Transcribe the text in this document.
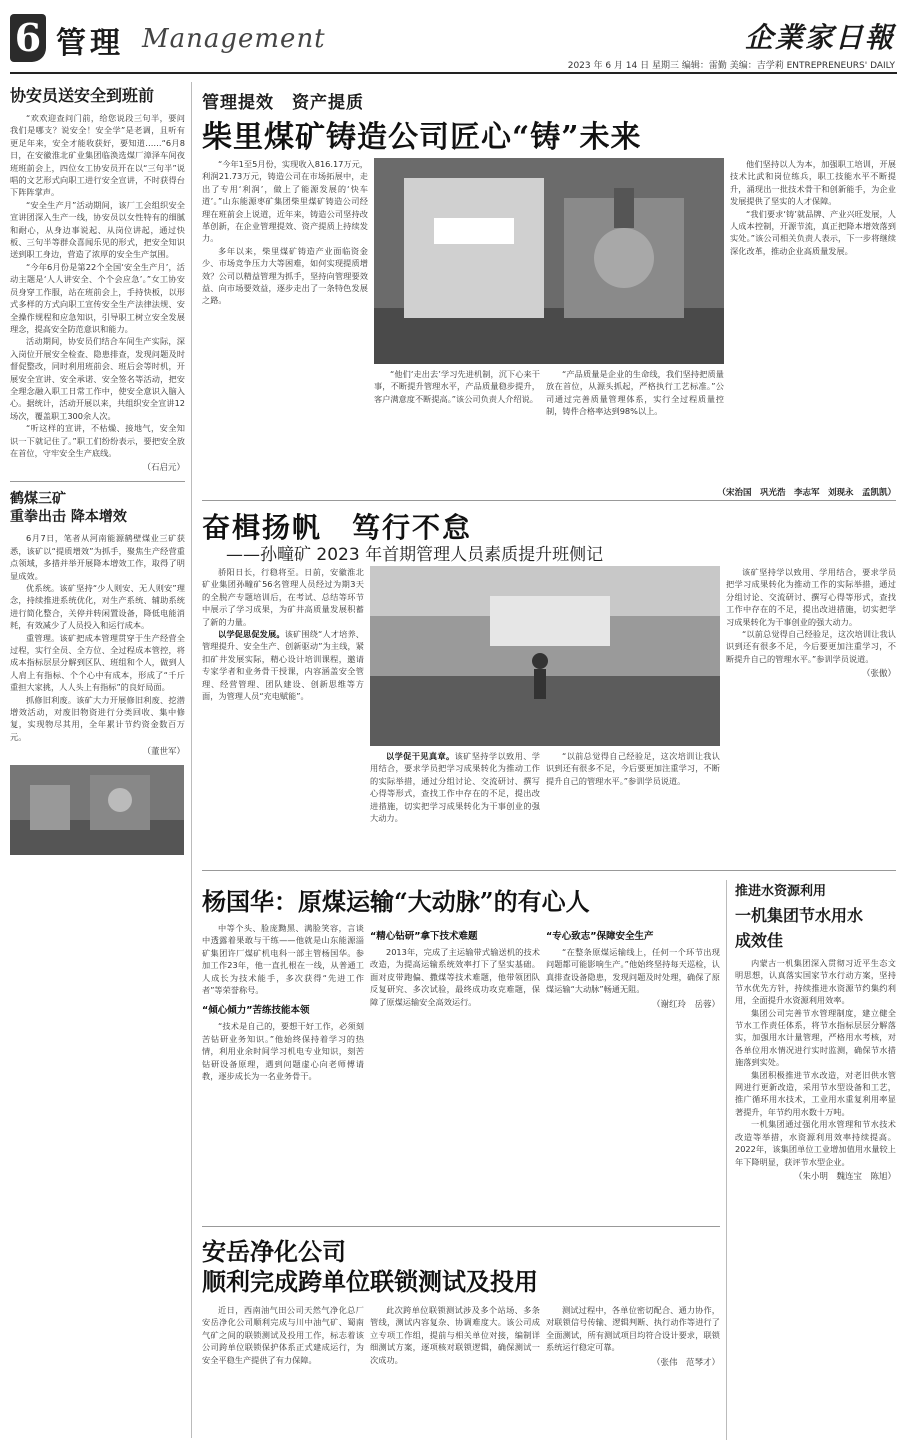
6 管理 Management	企業家日報
2023 年 6 月 14 日 星期三 编辑：雷勤 美编：吉学莉 ENTREPRENEURS' DAILY
协安员送安全到班前

“欢欢迎查问门前，给您说段三句半，要问我们是哪支？说安全！安全学”是老调，且听有更足年来，安全才能收获好，要知道……“6月8日，在安徽淮北矿业集团临涣选煤厂漳泽车间夜班班前会上，四位女工协安员开在以“三句半”说唱的文艺形式向职工进行安全宣讲，不时获得台下阵阵掌声。

“安全生产月”活动期间，该厂工会组织安全宣讲团深入生产一线，协安员以女性特有的细腻和耐心，从身边事说起、从岗位讲起，通过快板、三句半等群众喜闻乐见的形式，把安全知识送到职工身边，营造了浓厚的安全生产氛围。

“今年6月份是第22个全国‘安全生产月’，活动主题是‘人人讲安全、个个会应急’。”女工协安员身穿工作服，站在班前会上，手持快板，以形式多样的方式向职工宣传安全生产法律法规、安全操作规程和应急知识，引导职工树立安全发展理念，提高安全防范意识和能力。

活动期间，协安员们结合车间生产实际，深入岗位开展安全检查、隐患排查，发现问题及时督促整改，同时利用班前会、班后会等时机，开展安全宣讲、安全承诺、安全签名等活动，把安全理念融入职工日常工作中，使安全意识入脑入心。据统计，活动开展以来，共组织安全宣讲12场次，覆盖职工300余人次。

“听这样的宣讲，不枯燥、接地气，安全知识一下就记住了。”职工们纷纷表示，要把安全放在首位，守牢安全生产底线。

（石启元）
鹤煤三矿
重拳出击 降本增效

6月7日，笔者从河南能源鹤壁煤业三矿获悉，该矿以“提质增效”为抓手，聚焦生产经营重点领域，多措并举开展降本增效工作，取得了明显成效。

优系统。该矿坚持“少人则安、无人则安”理念，持续推进系统优化，对生产系统、辅助系统进行简化整合，关停并转闲置设备，降低电能消耗，有效减少了人员投入和运行成本。

重管理。该矿把成本管理贯穿于生产经营全过程，实行全员、全方位、全过程成本管控，将成本指标层层分解到区队、班组和个人，做到人人肩上有指标、个个心中有成本，形成了“千斤重担大家挑，人人头上有指标”的良好局面。

抓修旧利废。该矿大力开展修旧利废、挖潜增效活动，对废旧物资进行分类回收、集中修复，实现物尽其用，全年累计节约资金数百万元。

（董世军）
管理提效　资产提质
柴里煤矿铸造公司匠心“铸”未来

“今年1至5月份，实现收入816.17万元，利润21.73万元，铸造公司在市场拓展中，走出了专用‘利润’，做上了能源发展的‘快车道’。”山东能源枣矿集团柴里煤矿铸造公司经理在班前会上说道，近年来，铸造公司坚持改革创新，在企业管理提效、资产提质上持续发力。

多年以来，柴里煤矿铸造产业面临资金少、市场竞争压力大等困难，如何实现提质增效？公司以精益管理为抓手，坚持向管理要效益、向市场要效益，逐步走出了一条特色发展之路。

“他们‘走出去’学习先进机制，沉下心来干事，不断提升管理水平，产品质量稳步提升，客户满意度不断提高。”该公司负责人介绍说。

“产品质量是企业的生命线，我们坚持把质量放在首位，从源头抓起，严格执行工艺标准。”公司通过完善质量管理体系，实行全过程质量控制，铸件合格率达到98%以上。

他们坚持以人为本，加强职工培训，开展技术比武和岗位练兵，职工技能水平不断提升，涌现出一批技术骨干和创新能手，为企业发展提供了坚实的人才保障。

“我们要求‘铸’就品牌、产业兴旺发展，人人成本控制，开源节流，真正把降本增效落到实处。”该公司相关负责人表示，下一步将继续深化改革，推动企业高质量发展。

（宋治国　巩光浩　李志军　刘现永　孟凯凯）
奋楫扬帆　笃行不怠
——孙疃矿 2023 年首期管理人员素质提升班侧记

骄阳日长，行稳将至。日前，安徽淮北矿业集团孙疃矿56名管理人员经过为期3天的全脱产专题培训后，在考试、总结等环节中展示了学习成果，为矿井高质量发展积蓄了新的力量。

以学促思促发展。该矿围绕“人才培养、管理提升、安全生产、创新驱动”为主线，紧扣矿井发展实际，精心设计培训课程，邀请专家学者和业务骨干授课，内容涵盖安全管理、经营管理、团队建设、创新思维等方面，为管理人员“充电赋能”。

以学促干见真章。该矿坚持学以致用、学用结合，要求学员把学习成果转化为推动工作的实际举措，通过分组讨论、交流研讨、撰写心得等形式，查找工作中存在的不足，提出改进措施，切实把学习成果转化为干事创业的强大动力。

“以前总觉得自己经验足，这次培训让我认识到还有很多不足，今后要更加注重学习，不断提升自己的管理水平。”参训学员说道。

该矿坚持学以致用、学用结合，要求学员把学习成果转化为推动工作的实际举措，通过分组讨论、交流研讨、撰写心得等形式，查找工作中存在的不足，提出改进措施，切实把学习成果转化为干事创业的强大动力。

“以前总觉得自己经验足，这次培训让我认识到还有很多不足，今后要更加注重学习，不断提升自己的管理水平。”参训学员说道。

（张傲）
杨国华：原煤运输“大动脉”的有心人

中等个头、脸庞黝黑、满脸笑容，言谈中透露着果敢与干练——他就是山东能源淄矿集团许厂煤矿机电科一部主管杨国华。参加工作23年，他一直扎根在一线，从普通工人成长为技术能手，多次获得“先进工作者”等荣誉称号。

“倾心倾力”苦练技能本领

“技术是自己的，要想干好工作，必须刻苦钻研业务知识。”他始终保持着学习的热情，利用业余时间学习机电专业知识，刻苦钻研设备原理，遇到问题虚心向老师傅请教，逐步成长为一名业务骨干。

“精心钻研”拿下技术难题

2013年，完成了主运输带式输送机的技术改造，为提高运输系统效率打下了坚实基础。面对皮带跑偏、撒煤等技术难题，他带领团队反复研究、多次试验，最终成功攻克难题，保障了原煤运输安全高效运行。

“专心致志”保障安全生产

“在整条原煤运输线上，任何一个环节出现问题都可能影响生产。”他始终坚持每天巡检，认真排查设备隐患，发现问题及时处理，确保了原煤运输“大动脉”畅通无阻。

（谢红玲　岳蓉）
推进水资源利用
一机集团节水用水
成效佳

内蒙古一机集团深入贯彻习近平生态文明思想，认真落实国家节水行动方案，坚持节水优先方针，持续推进水资源节约集约利用，全面提升水资源利用效率。

集团公司完善节水管理制度，建立健全节水工作责任体系，将节水指标层层分解落实，加强用水计量管理，严格用水考核，对各单位用水情况进行实时监测，确保节水措施落到实处。

集团积极推进节水改造，对老旧供水管网进行更新改造，采用节水型设备和工艺，推广循环用水技术，工业用水重复利用率显著提升，年节约用水数十万吨。

一机集团通过强化用水管理和节水技术改造等举措，水资源利用效率持续提高。2022年，该集团单位工业增加值用水量较上年下降明显，获评节水型企业。

（朱小明　魏连宝　陈旭）
安岳净化公司
顺利完成跨单位联锁测试及投用

近日，西南油气田公司天然气净化总厂安岳净化公司顺利完成与川中油气矿、蜀南气矿之间的联锁测试及投用工作，标志着该公司跨单位联锁保护体系正式建成运行，为安全平稳生产提供了有力保障。

此次跨单位联锁测试涉及多个站场、多条管线，测试内容复杂、协调难度大。该公司成立专项工作组，提前与相关单位对接，编制详细测试方案，逐项核对联锁逻辑，确保测试一次成功。

测试过程中，各单位密切配合、通力协作，对联锁信号传输、逻辑判断、执行动作等进行了全面测试，所有测试项目均符合设计要求，联锁系统运行稳定可靠。

（张伟　范琴才）
